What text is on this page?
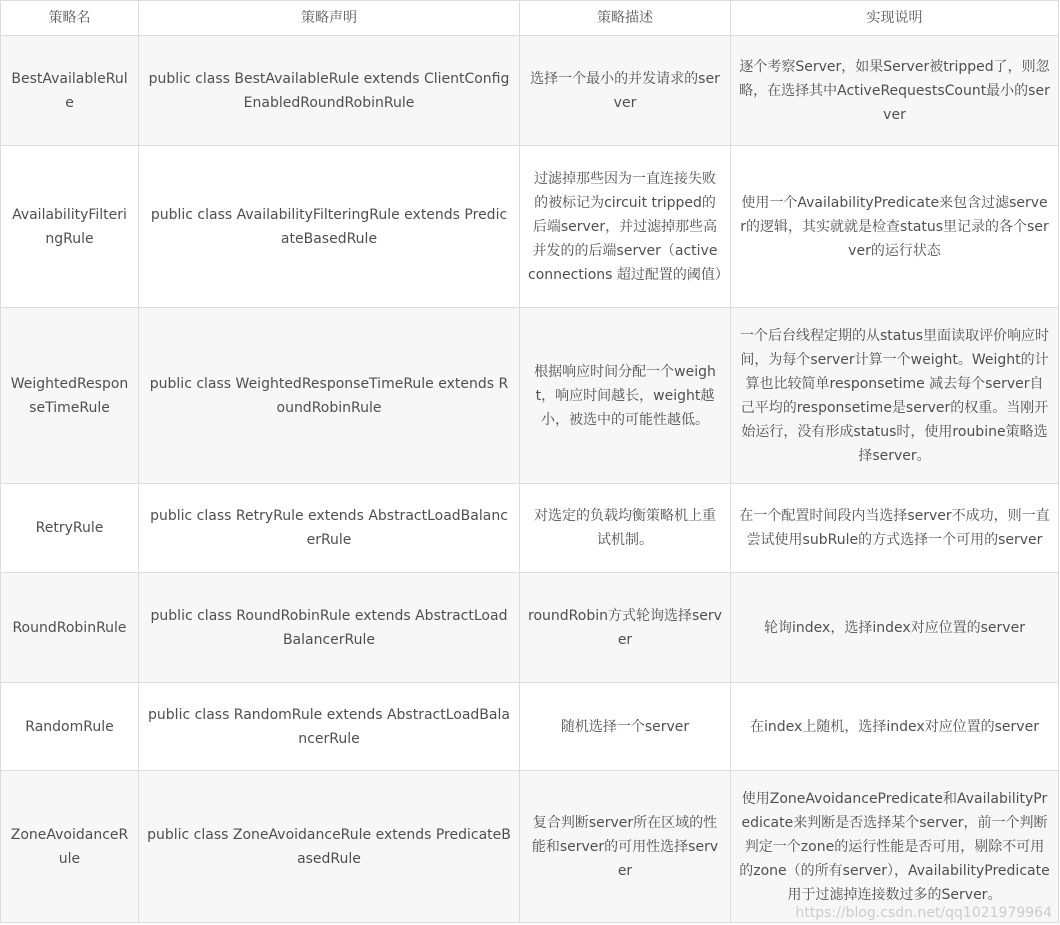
策略名	策略声明	策略描述	实现说明
BestAvailableRule	public class BestAvailableRule extends ClientConfigEnabledRoundRobinRule	选择一个最小的并发请求的server	逐个考察Server，如果Server被tripped了，则忽略，在选择其中ActiveRequestsCount最小的server
AvailabilityFilteringRule	public class AvailabilityFilteringRule extends PredicateBasedRule	过滤掉那些因为一直连接失败的被标记为circuit tripped的后端server，并过滤掉那些高并发的的后端server（active connections 超过配置的阈值）	使用一个AvailabilityPredicate来包含过滤server的逻辑，其实就就是检查status里记录的各个server的运行状态
WeightedResponseTimeRule	public class WeightedResponseTimeRule extends RoundRobinRule	根据响应时间分配一个weight，响应时间越长，weight越小，被选中的可能性越低。	一个后台线程定期的从status里面读取评价响应时间，为每个server计算一个weight。Weight的计算也比较简单responsetime 减去每个server自己平均的responsetime是server的权重。当刚开始运行，没有形成status时，使用roubine策略选择server。
RetryRule	public class RetryRule extends AbstractLoadBalancerRule	对选定的负载均衡策略机上重试机制。	在一个配置时间段内当选择server不成功，则一直尝试使用subRule的方式选择一个可用的server
RoundRobinRule	public class RoundRobinRule extends AbstractLoadBalancerRule	roundRobin方式轮询选择server	轮询index，选择index对应位置的server
RandomRule	public class RandomRule extends AbstractLoadBalancerRule	随机选择一个server	在index上随机，选择index对应位置的server
ZoneAvoidanceRule	public class ZoneAvoidanceRule extends PredicateBasedRule	复合判断server所在区域的性能和server的可用性选择server	使用ZoneAvoidancePredicate和AvailabilityPredicate来判断是否选择某个server，前一个判断判定一个zone的运行性能是否可用，剔除不可用的zone（的所有server），AvailabilityPredicate用于过滤掉连接数过多的Server。
https://blog.csdn.net/qq1021979964
